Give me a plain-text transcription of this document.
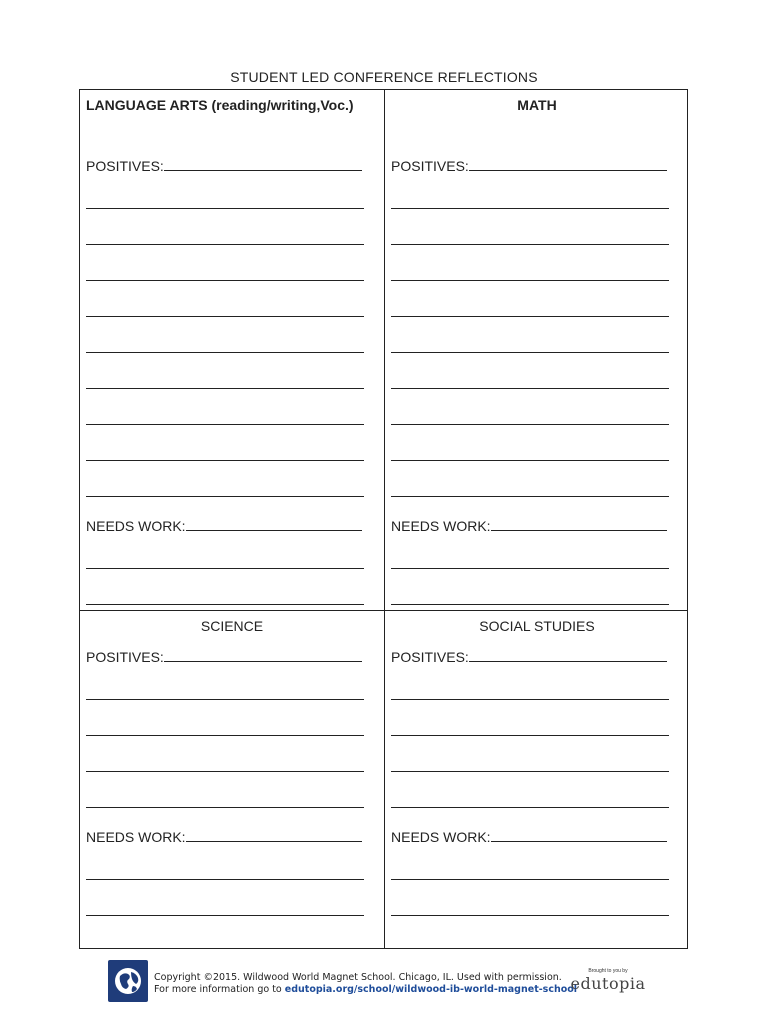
STUDENT LED CONFERENCE REFLECTIONS
LANGUAGE ARTS (reading/writing,Voc.)
POSITIVES:
NEEDS WORK:
MATH
POSITIVES:
NEEDS WORK:
SCIENCE
POSITIVES:
NEEDS WORK:
SOCIAL STUDIES
POSITIVES:
NEEDS WORK:
Copyright ©2015. Wildwood World Magnet School. Chicago, IL. Used with permission.
For more information go to edutopia.org/school/wildwood-ib-world-magnet-school
Brought to you by
edutopia
